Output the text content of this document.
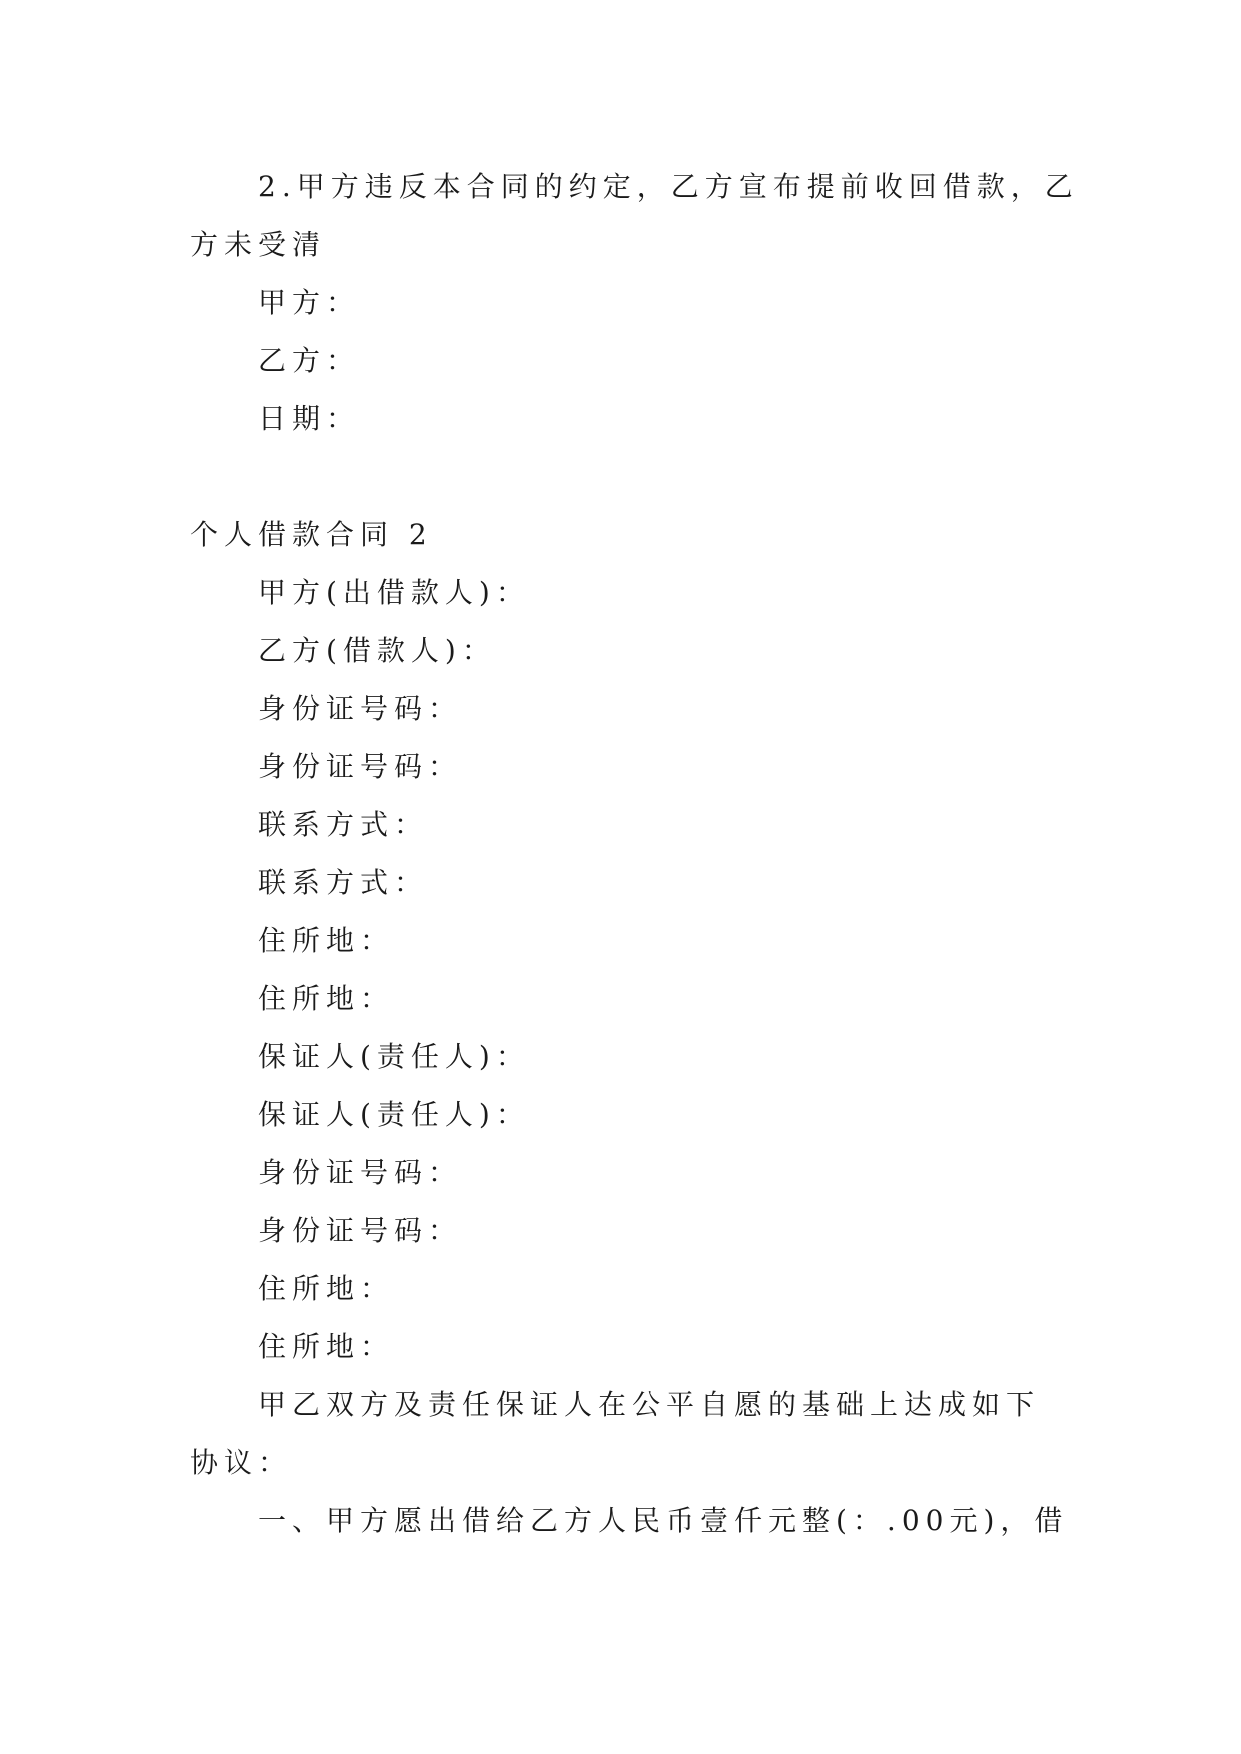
2.甲方违反本合同的约定，乙方宣布提前收回借款，乙
方未受清
甲方：
乙方：
日期：
个人借款合同 2
甲方(出借款人)：
乙方(借款人)：
身份证号码：
身份证号码：
联系方式：
联系方式：
住所地：
住所地：
保证人(责任人)：
保证人(责任人)：
身份证号码：
身份证号码：
住所地：
住所地：
甲乙双方及责任保证人在公平自愿的基础上达成如下
协议：
一、甲方愿出借给乙方人民币壹仟元整(：.00元)，借
